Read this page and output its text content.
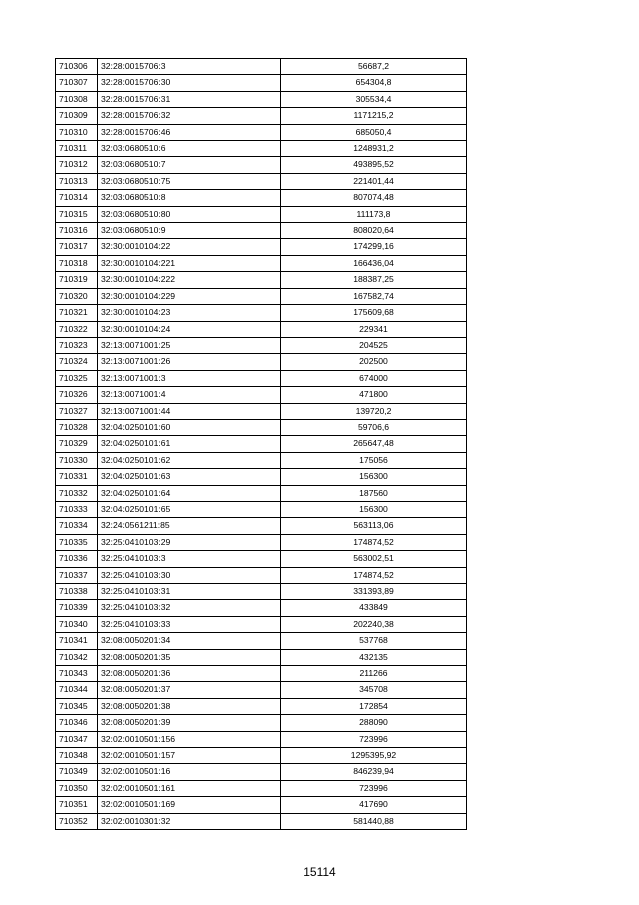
710306	32:28:0015706:3	56687,2
710307	32:28:0015706:30	654304,8
710308	32:28:0015706:31	305534,4
710309	32:28:0015706:32	1171215,2
710310	32:28:0015706:46	685050,4
710311	32:03:0680510:6	1248931,2
710312	32:03:0680510:7	493895,52
710313	32:03:0680510:75	221401,44
710314	32:03:0680510:8	807074,48
710315	32:03:0680510:80	111173,8
710316	32:03:0680510:9	808020,64
710317	32:30:0010104:22	174299,16
710318	32:30:0010104:221	166436,04
710319	32:30:0010104:222	188387,25
710320	32:30:0010104:229	167582,74
710321	32:30:0010104:23	175609,68
710322	32:30:0010104:24	229341
710323	32:13:0071001:25	204525
710324	32:13:0071001:26	202500
710325	32:13:0071001:3	674000
710326	32:13:0071001:4	471800
710327	32:13:0071001:44	139720,2
710328	32:04:0250101:60	59706,6
710329	32:04:0250101:61	265647,48
710330	32:04:0250101:62	175056
710331	32:04:0250101:63	156300
710332	32:04:0250101:64	187560
710333	32:04:0250101:65	156300
710334	32:24:0561211:85	563113,06
710335	32:25:0410103:29	174874,52
710336	32:25:0410103:3	563002,51
710337	32:25:0410103:30	174874,52
710338	32:25:0410103:31	331393,89
710339	32:25:0410103:32	433849
710340	32:25:0410103:33	202240,38
710341	32:08:0050201:34	537768
710342	32:08:0050201:35	432135
710343	32:08:0050201:36	211266
710344	32:08:0050201:37	345708
710345	32:08:0050201:38	172854
710346	32:08:0050201:39	288090
710347	32:02:0010501:156	723996
710348	32:02:0010501:157	1295395,92
710349	32:02:0010501:16	846239,94
710350	32:02:0010501:161	723996
710351	32:02:0010501:169	417690
710352	32:02:0010301:32	581440,88
15114
